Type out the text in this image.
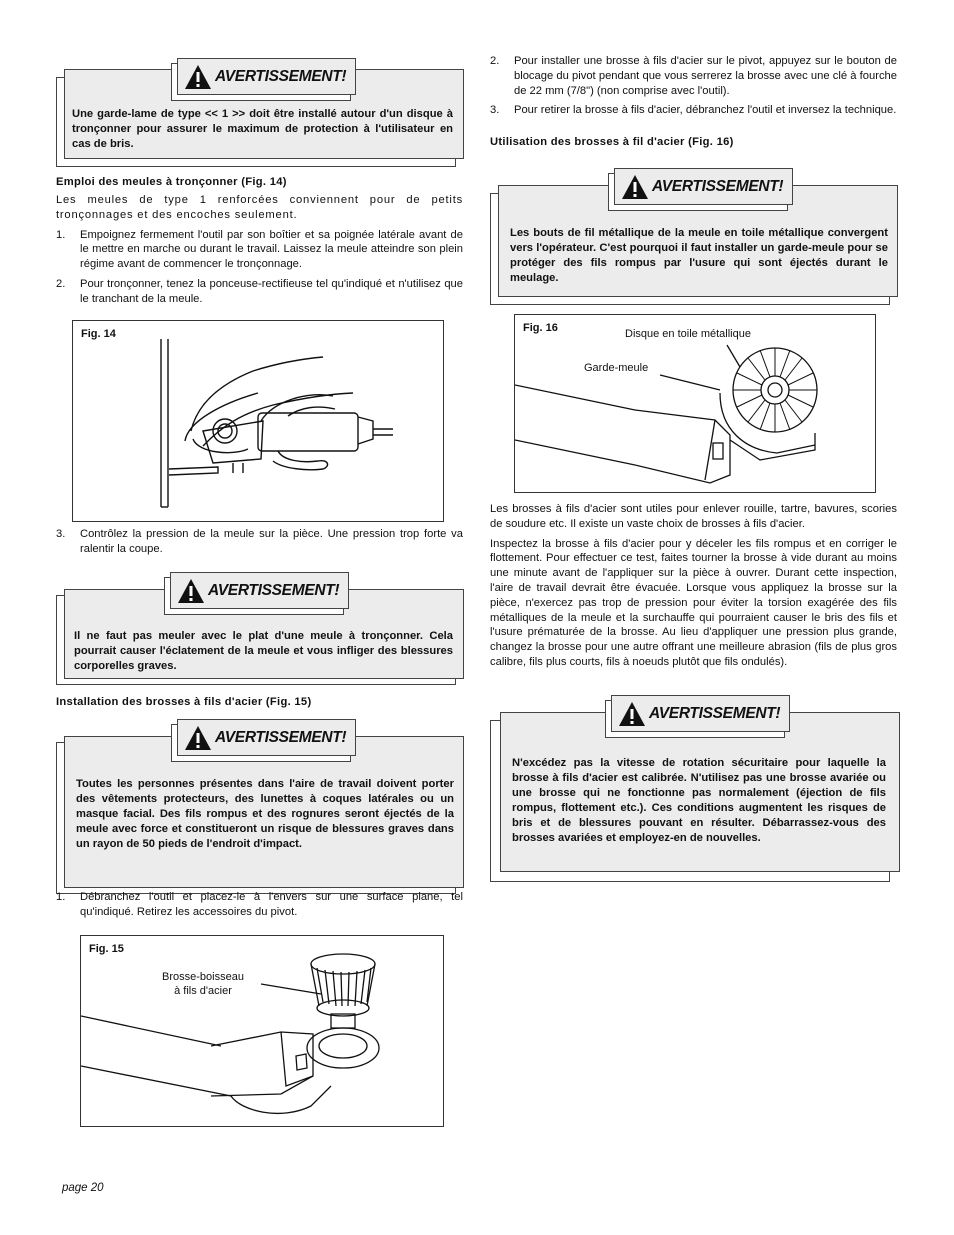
Une garde-lame de type << 1 >> doit être installé autour d'un disque à tronçonner pour assurer le maximum de protection à l'utilisateur en cas de bris.
AVERTISSEMENT!

Emploi des meules à tronçonner (Fig. 14)

Les meules de type 1 renforcées conviennent pour de petits tronçonnages et des encoches seulement.

1. Empoignez fermement l'outil par son boîtier et sa poignée latérale avant de le mettre en marche ou durant le travail. Laissez la meule atteindre son plein régime avant de commencer le tronçonnage.
2. Pour tronçonner, tenez la ponceuse-rectifieuse tel qu'indiqué et n'utilisez que le tranchant de la meule.
Fig. 14
3. Contrôlez la pression de la meule sur la pièce. Une pression trop forte va ralentir la coupe.
Il ne faut pas meuler avec le plat d'une meule à tronçonner. Cela pourrait causer l'éclatement de la meule et vous infliger des blessures corporelles graves.
AVERTISSEMENT!

Installation des brosses à fils d'acier (Fig. 15)

Toutes les personnes présentes dans l'aire de travail doivent porter des vêtements protecteurs, des lunettes à coques latérales ou un masque facial. Des fils rompus et des rognures seront éjectés de la meule avec force et constitueront un risque de blessures graves dans un rayon de 50 pieds de l'endroit d'impact.
AVERTISSEMENT!
1. Débranchez l'outil et placez-le à l'envers sur une surface plane, tel qu'indiqué. Retirez les accessoires du pivot.
Fig. 15
Brosse-boisseau
à fils d'acier
2. Pour installer une brosse à fils d'acier sur le pivot, appuyez sur le bouton de blocage du pivot pendant que vous serrerez la brosse avec une clé à fourche de 22 mm (7/8") (non comprise avec l'outil).
3. Pour retirer la brosse à fils d'acier, débranchez l'outil et inversez la technique.

Utilisation des brosses à fil d'acier (Fig. 16)

Les bouts de fil métallique de la meule en toile métallique convergent vers l'opérateur. C'est pourquoi il faut installer un garde-meule pour se protéger des fils rompus par l'usure qui sont éjectés durant le meulage.
AVERTISSEMENT!
Fig. 16	Disque en toile métallique
Garde-meule

Les brosses à fils d'acier sont utiles pour enlever rouille, tartre, bavures, scories de soudure etc. Il existe un vaste choix de brosses à fils d'acier.

Inspectez la brosse à fils d'acier pour y déceler les fils rompus et en corriger le flottement. Pour effectuer ce test, faites tourner la brosse à vide durant au moins une minute avant de l'appliquer sur la pièce à ouvrer. Durant cette inspection, l'aire de travail devrait être évacuée. Lorsque vous appliquez la brosse sur la pièce, n'exercez pas trop de pression pour éviter la torsion exagérée des fils métalliques de la meule et la surchauffe qui pourraient causer le bris des fils et l'usure prématurée de la brosse. Au lieu d'appliquer une pression plus grande, changez la brosse pour une autre offrant une meilleure abrasion (fils de plus gros calibre, fils plus courts, fils à noeuds plutôt que fils ondulés).

N'excédez pas la vitesse de rotation sécuritaire pour laquelle la brosse à fils d'acier est calibrée. N'utilisez pas une brosse avariée ou une brosse qui ne fonctionne pas normalement (éjection de fils rompus, flottement etc.). Ces conditions augmentent les risques de bris et de blessures pouvant en résulter. Débarrassez-vous des brosses avariées et employez-en de nouvelles.
AVERTISSEMENT!
page 20
